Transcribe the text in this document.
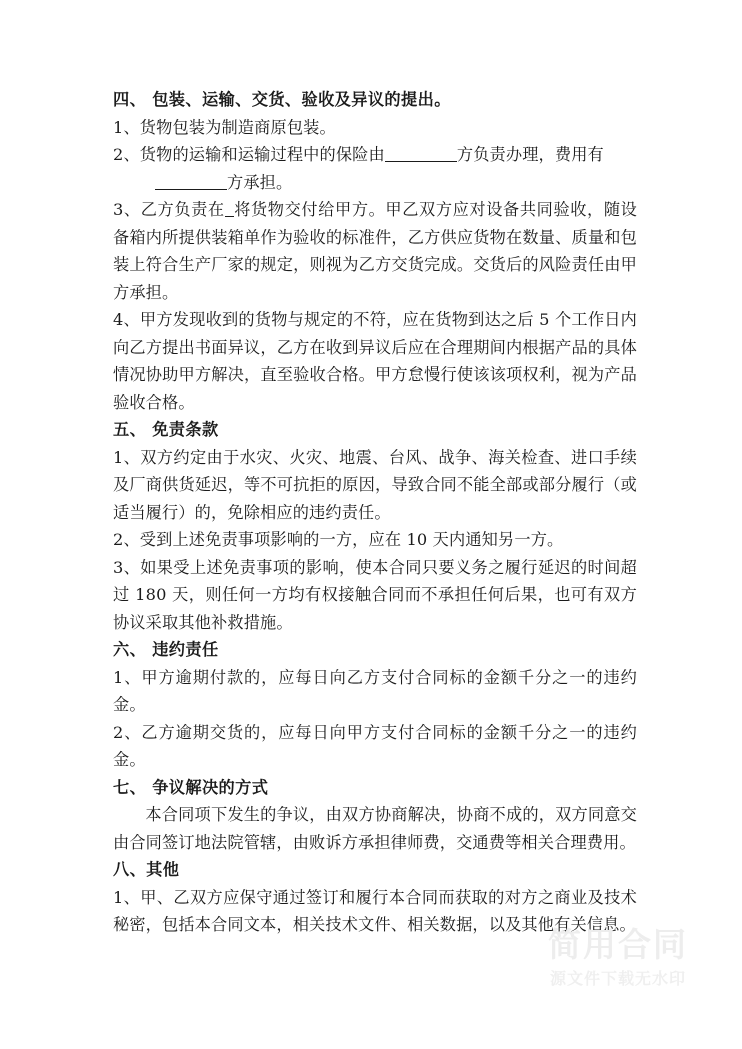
四、 包装、运输、交货、验收及异议的提出。

1、货物包装为制造商原包装。

2、货物的运输和运输过程中的保险由	方负责办理，费用有

方承担。

3、乙方负责在 将货物交付给甲方。甲乙双方应对设备共同验收，随设备箱内所提供装箱单作为验收的标准件，乙方供应货物在数量、质量和包装上符合生产厂家的规定，则视为乙方交货完成。交货后的风险责任由甲方承担。

4、甲方发现收到的货物与规定的不符，应在货物到达之后 5 个工作日内向乙方提出书面异议，乙方在收到异议后应在合理期间内根据产品的具体情况协助甲方解决，直至验收合格。甲方怠慢行使该该项权利，视为产品验收合格。

五、 免责条款

1、双方约定由于水灾、火灾、地震、台风、战争、海关检查、进口手续及厂商供货延迟，等不可抗拒的原因，导致合同不能全部或部分履行（或适当履行）的，免除相应的违约责任。

2、受到上述免责事项影响的一方，应在 10 天内通知另一方。

3、如果受上述免责事项的影响，使本合同只要义务之履行延迟的时间超过 180 天，则任何一方均有权接触合同而不承担任何后果，也可有双方协议采取其他补救措施。

六、 违约责任

1、甲方逾期付款的，应每日向乙方支付合同标的金额千分之一的违约金。

2、乙方逾期交货的，应每日向甲方支付合同标的金额千分之一的违约金。

七、 争议解决的方式

本合同项下发生的争议，由双方协商解决，协商不成的，双方同意交由合同签订地法院管辖，由败诉方承担律师费，交通费等相关合理费用。

八、其他

1、甲、乙双方应保守通过签订和履行本合同而获取的对方之商业及技术秘密，包括本合同文本，相关技术文件、相关数据，以及其他有关信息。

简用合同
源文件下载无水印
